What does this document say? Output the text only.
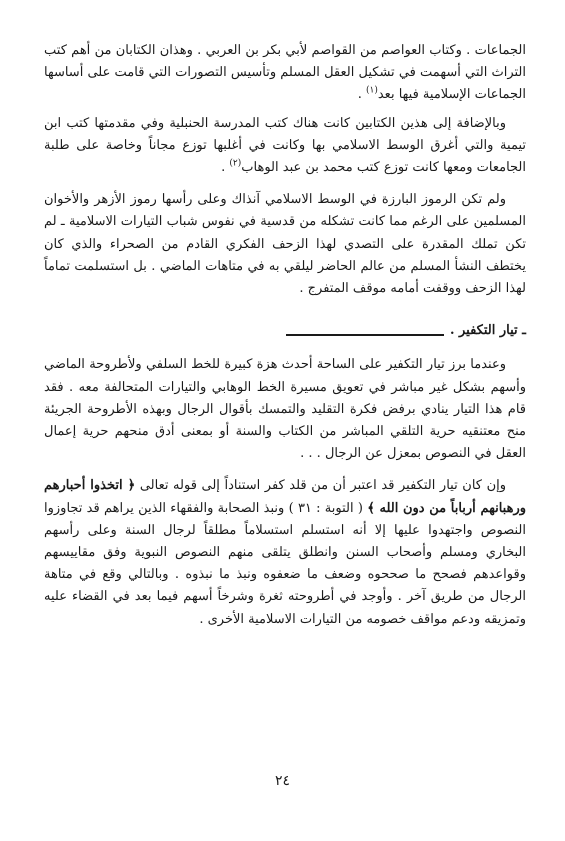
الجماعات . وكتاب العواصم من القواصم لأبي بكر بن العربي . وهذان الكتابان من أهم كتب التراث التي أسهمت في تشكيل العقل المسلم وتأسيس التصورات التي قامت على أساسها الجماعات الإسلامية فيها بعد$^{(١)}$ .

وبالإضافة إلى هذين الكتابين كانت هناك كتب المدرسة الحنبلية وفي مقدمتها كتب ابن تيمية والتي أغرق الوسط الاسلامي بها وكانت في أغلبها توزع مجاناً وخاصة على طلبة الجامعات ومعها كانت توزع كتب محمد بن عبد الوهاب$^{(٢)}$ .

ولم تكن الرموز البارزة في الوسط الاسلامي آنذاك وعلى رأسها رموز الأزهر والأخوان المسلمين على الرغم مما كانت تشكله من قدسية في نفوس شباب التيارات الاسلامية ـ لم تكن تملك المقدرة على التصدي لهذا الزحف الفكري القادم من الصحراء والذي كان يختطف النشأ المسلم من عالم الحاضر ليلقي به في متاهات الماضي . بل استسلمت تماماً لهذا الزحف ووقفت أمامه موقف المتفرج .

ـ تيار التكفير .

وعندما برز تيار التكفير على الساحة أحدث هزة كبيرة للخط السلفي ولأطروحة الماضي وأسهم بشكل غير مباشر في تعويق مسيرة الخط الوهابي والتيارات المتحالفة معه . فقد قام هذا التيار ينادي برفض فكرة التقليد والتمسك بأقوال الرجال وبهذه الأطروحة الجريئة منح معتنقيه حرية التلقي المباشر من الكتاب والسنة أو بمعنى أدق منحهم حرية إعمال العقل في النصوص بمعزل عن الرجال . . .

وإن كان تيار التكفير قد اعتبر أن من قلد كفر استناداً إلى قوله تعالى ﴿ اتخذوا أحبارهم ورهبانهم أرباباً من دون الله ﴾ ( التوبة : ٣١ ) ونبذ الصحابة والفقهاء الذين يراهم قد تجاوزوا النصوص واجتهدوا عليها إلا أنه استسلم استسلاماً مطلقاً لرجال السنة وعلى رأسهم البخاري ومسلم وأصحاب السنن وانطلق يتلقى منهم النصوص النبوية وفق مقاييسهم وقواعدهم فصحح ما صححوه وضعف ما ضعفوه ونبذ ما نبذوه . وبالتالي وقع في متاهة الرجال من طريق آخر . وأوجد في أطروحته ثغرة وشرخاً أسهم فيما بعد في القضاء عليه وتمزيقه ودعم مواقف خصومه من التيارات الاسلامية الأخرى .

٢٤
